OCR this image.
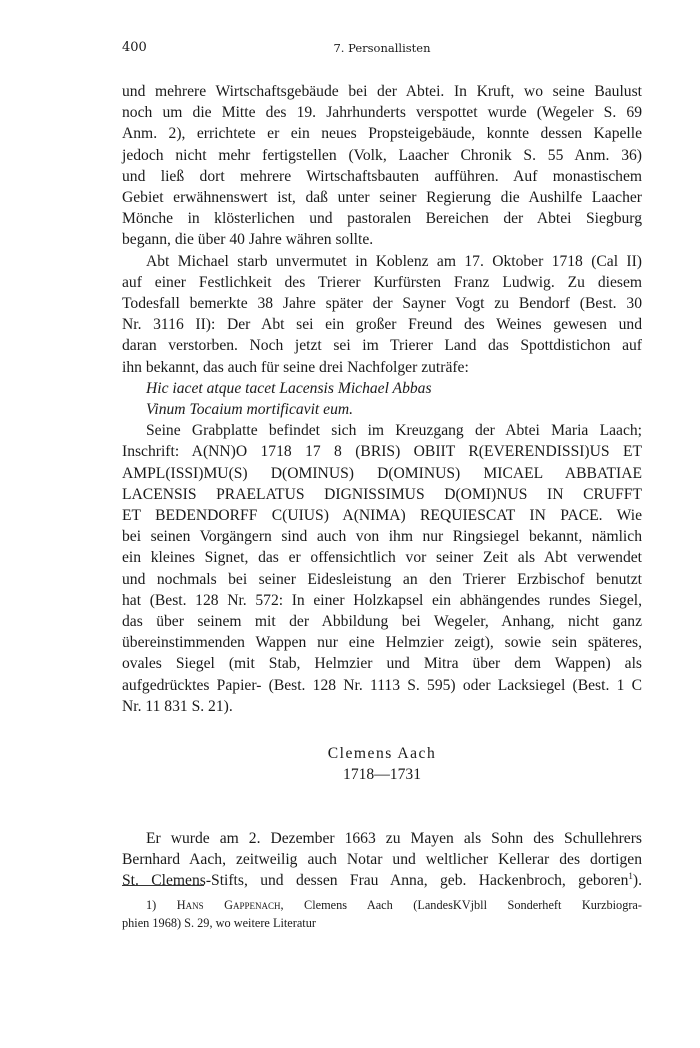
400	7. Personallisten
und mehrere Wirtschaftsgebäude bei der Abtei. In Kruft, wo seine Baulust
noch um die Mitte des 19. Jahrhunderts verspottet wurde (Wegeler S. 69
Anm. 2), errichtete er ein neues Propsteigebäude, konnte dessen Kapelle
jedoch nicht mehr fertigstellen (Volk, Laacher Chronik S. 55 Anm. 36)
und ließ dort mehrere Wirtschaftsbauten aufführen. Auf monastischem
Gebiet erwähnenswert ist, daß unter seiner Regierung die Aushilfe Laacher
Mönche in klösterlichen und pastoralen Bereichen der Abtei Siegburg
begann, die über 40 Jahre währen sollte.
Abt Michael starb unvermutet in Koblenz am 17. Oktober 1718 (Cal II)
auf einer Festlichkeit des Trierer Kurfürsten Franz Ludwig. Zu diesem
Todesfall bemerkte 38 Jahre später der Sayner Vogt zu Bendorf (Best. 30
Nr. 3116 II): Der Abt sei ein großer Freund des Weines gewesen und
daran verstorben. Noch jetzt sei im Trierer Land das Spottdistichon auf
ihn bekannt, das auch für seine drei Nachfolger zuträfe:
Hic iacet atque tacet Lacensis Michael Abbas
Vinum Tocaium mortificavit eum.
Seine Grabplatte befindet sich im Kreuzgang der Abtei Maria Laach;
Inschrift: A(NN)O 1718 17 8 (BRIS) OBIIT R(EVERENDISSI)US ET
AMPL(ISSI)MU(S) D(OMINUS) D(OMINUS) MICAEL ABBATIAE
LACENSIS PRAELATUS DIGNISSIMUS D(OMI)NUS IN CRUFFT
ET BEDENDORFF C(UIUS) A(NIMA) REQUIESCAT IN PACE. Wie
bei seinen Vorgängern sind auch von ihm nur Ringsiegel bekannt, nämlich
ein kleines Signet, das er offensichtlich vor seiner Zeit als Abt verwendet
und nochmals bei seiner Eidesleistung an den Trierer Erzbischof benutzt
hat (Best. 128 Nr. 572: In einer Holzkapsel ein abhängendes rundes Siegel,
das über seinem mit der Abbildung bei Wegeler, Anhang, nicht ganz
übereinstimmenden Wappen nur eine Helmzier zeigt), sowie sein späteres,
ovales Siegel (mit Stab, Helmzier und Mitra über dem Wappen) als
aufgedrücktes Papier- (Best. 128 Nr. 1113 S. 595) oder Lacksiegel (Best. 1 C
Nr. 11 831 S. 21).
Clemens Aach
1718—1731
Er wurde am 2. Dezember 1663 zu Mayen als Sohn des Schullehrers
Bernhard Aach, zeitweilig auch Notar und weltlicher Kellerar des dortigen
St. Clemens-Stifts, und dessen Frau Anna, geb. Hackenbroch, geboren$^1$).
1) Hans Gappenach, Clemens Aach (LandesKVjbll Sonderheft Kurzbiogra-
phien 1968) S. 29, wo weitere Literatur
